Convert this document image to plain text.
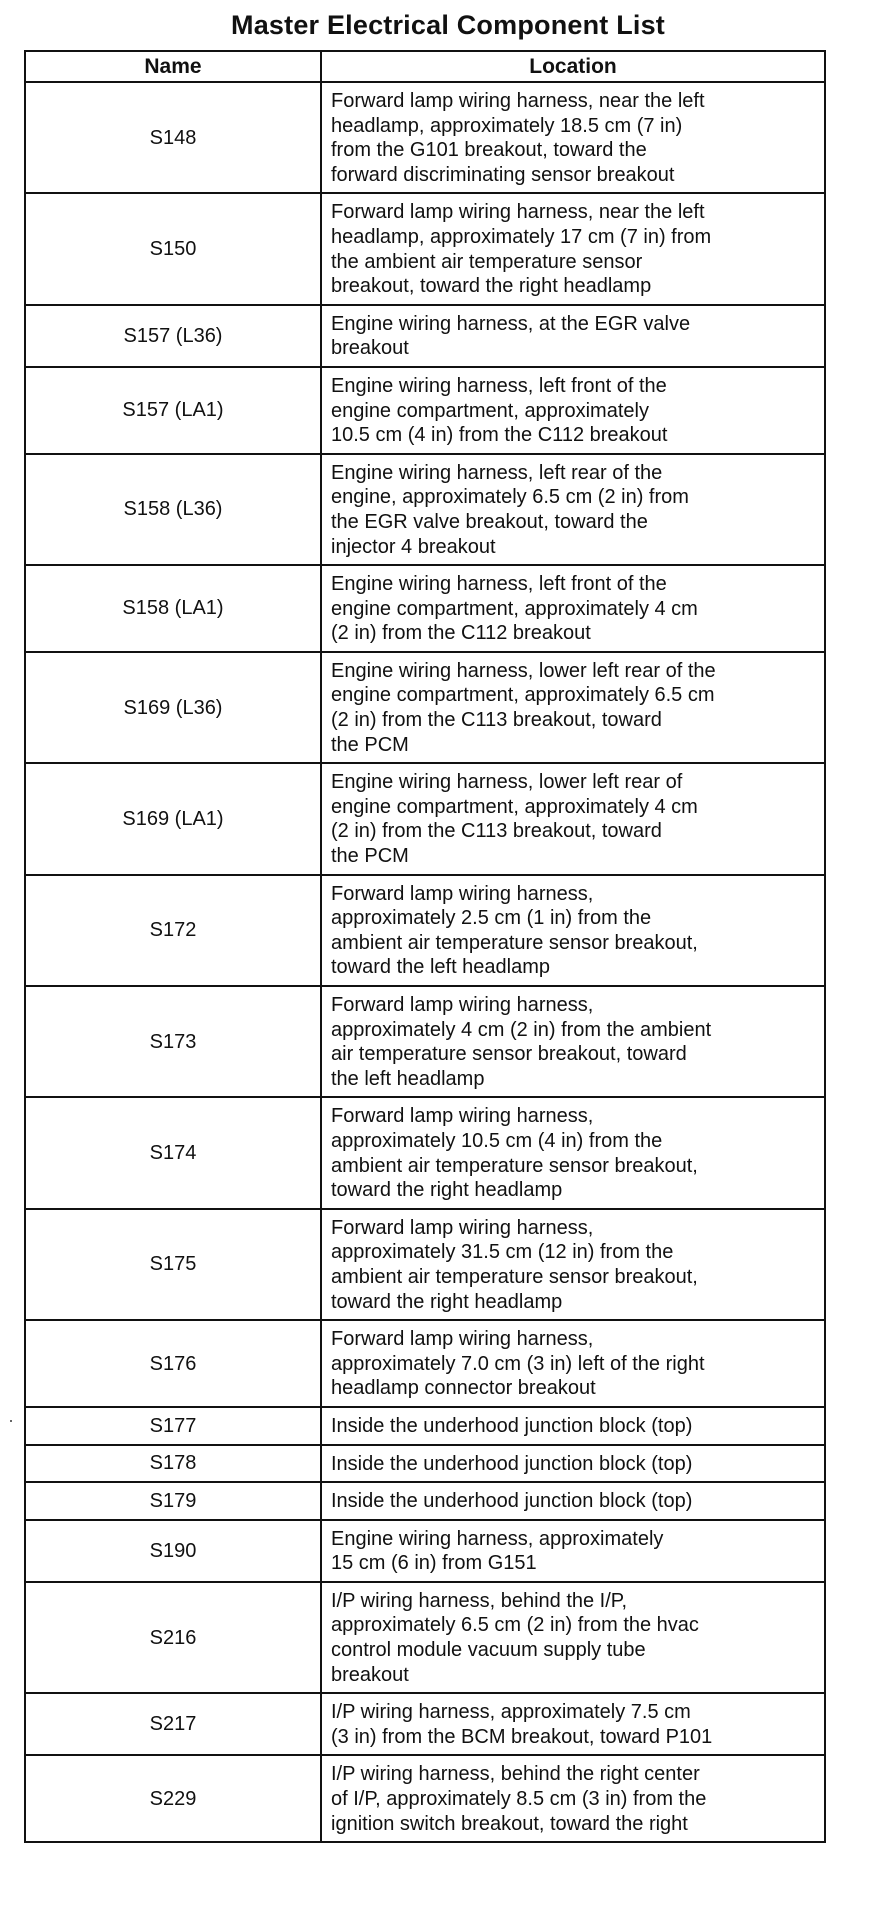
Master Electrical Component List
Name	Location
S148	Forward lamp wiring harness, near the left
headlamp, approximately 18.5 cm (7 in)
from the G101 breakout, toward the
forward discriminating sensor breakout
S150	Forward lamp wiring harness, near the left
headlamp, approximately 17 cm (7 in) from
the ambient air temperature sensor
breakout, toward the right headlamp
S157 (L36)	Engine wiring harness, at the EGR valve
breakout
S157 (LA1)	Engine wiring harness, left front of the
engine compartment, approximately
10.5 cm (4 in) from the C112 breakout
S158 (L36)	Engine wiring harness, left rear of the
engine, approximately 6.5 cm (2 in) from
the EGR valve breakout, toward the
injector 4 breakout
S158 (LA1)	Engine wiring harness, left front of the
engine compartment, approximately 4 cm
(2 in) from the C112 breakout
S169 (L36)	Engine wiring harness, lower left rear of the
engine compartment, approximately 6.5 cm
(2 in) from the C113 breakout, toward
the PCM
S169 (LA1)	Engine wiring harness, lower left rear of
engine compartment, approximately 4 cm
(2 in) from the C113 breakout, toward
the PCM
S172	Forward lamp wiring harness,
approximately 2.5 cm (1 in) from the
ambient air temperature sensor breakout,
toward the left headlamp
S173	Forward lamp wiring harness,
approximately 4 cm (2 in) from the ambient
air temperature sensor breakout, toward
the left headlamp
S174	Forward lamp wiring harness,
approximately 10.5 cm (4 in) from the
ambient air temperature sensor breakout,
toward the right headlamp
S175	Forward lamp wiring harness,
approximately 31.5 cm (12 in) from the
ambient air temperature sensor breakout,
toward the right headlamp
S176	Forward lamp wiring harness,
approximately 7.0 cm (3 in) left of the right
headlamp connector breakout
S177	Inside the underhood junction block (top)
S178	Inside the underhood junction block (top)
S179	Inside the underhood junction block (top)
S190	Engine wiring harness, approximately
15 cm (6 in) from G151
S216	I/P wiring harness, behind the I/P,
approximately 6.5 cm (2 in) from the hvac
control module vacuum supply tube
breakout
S217	I/P wiring harness, approximately 7.5 cm
(3 in) from the BCM breakout, toward P101
S229	I/P wiring harness, behind the right center
of I/P, approximately 8.5 cm (3 in) from the
ignition switch breakout, toward the right
